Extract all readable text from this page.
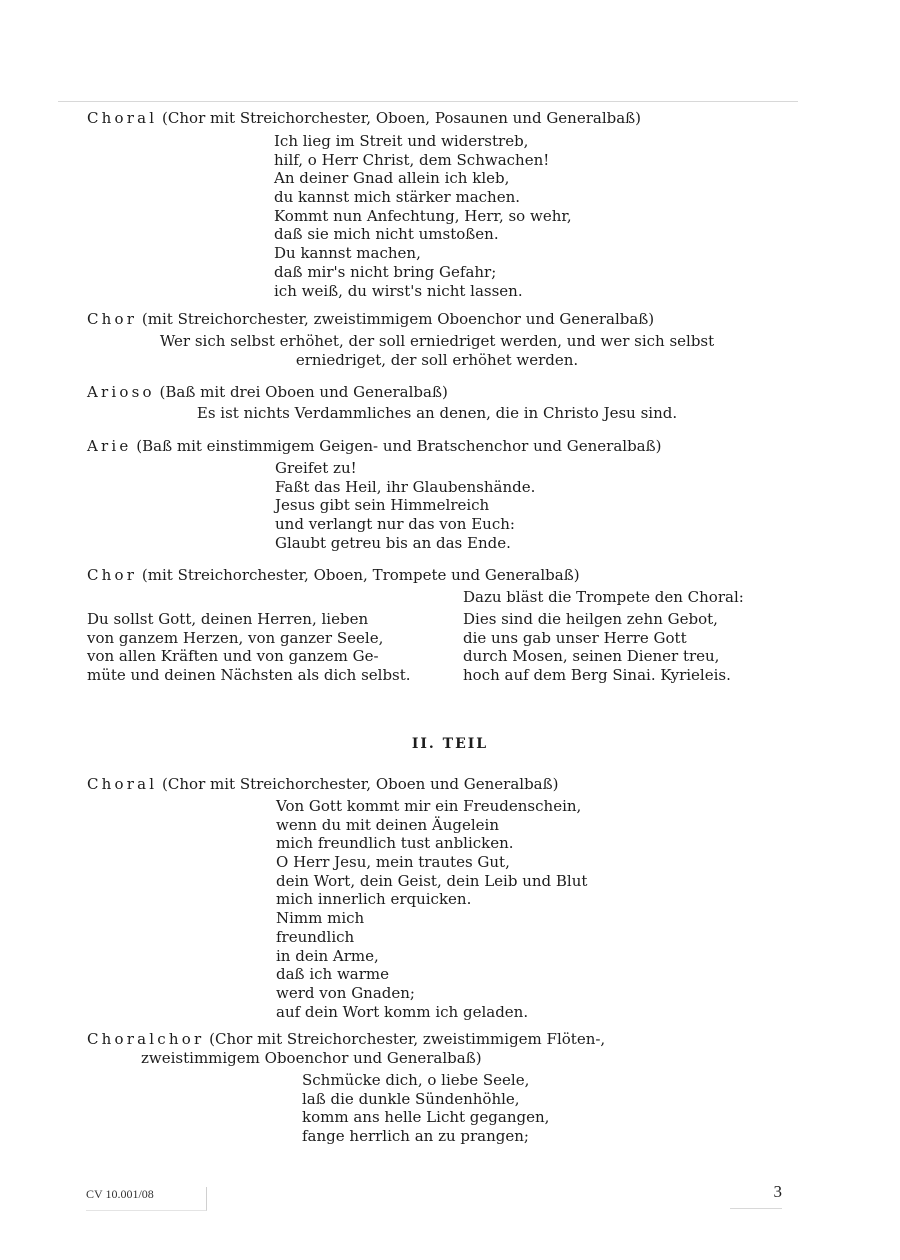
Choral (Chor mit Streichorchester, Oboen, Posaunen und Generalbaß)
Ich lieg im Streit und widerstreb,
hilf, o Herr Christ, dem Schwachen!
An deiner Gnad allein ich kleb,
du kannst mich stärker machen.
Kommt nun Anfechtung, Herr, so wehr,
daß sie mich nicht umstoßen.
Du kannst machen,
daß mir's nicht bring Gefahr;
ich weiß, du wirst's nicht lassen.
Chor (mit Streichorchester, zweistimmigem Oboenchor und Generalbaß)
Wer sich selbst erhöhet, der soll erniedriget werden, und wer sich selbst
erniedriget, der soll erhöhet werden.
Arioso (Baß mit drei Oboen und Generalbaß)
Es ist nichts Verdammliches an denen, die in Christo Jesu sind.
Arie (Baß mit einstimmigem Geigen- und Bratschenchor und Generalbaß)
Greifet zu!
Faßt das Heil, ihr Glaubenshände.
Jesus gibt sein Himmelreich
und verlangt nur das von Euch:
Glaubt getreu bis an das Ende.
Chor (mit Streichorchester, Oboen, Trompete und Generalbaß)
Dazu bläst die Trompete den Choral:
Du sollst Gott, deinen Herren, lieben
von ganzem Herzen, von ganzer Seele,
von allen Kräften und von ganzem Ge-
müte und deinen Nächsten als dich selbst.
Dies sind die heilgen zehn Gebot,
die uns gab unser Herre Gott
durch Mosen, seinen Diener treu,
hoch auf dem Berg Sinai. Kyrieleis.
II. TEIL
Choral (Chor mit Streichorchester, Oboen und Generalbaß)
Von Gott kommt mir ein Freudenschein,
wenn du mit deinen Äugelein
mich freundlich tust anblicken.
O Herr Jesu, mein trautes Gut,
dein Wort, dein Geist, dein Leib und Blut
mich innerlich erquicken.
Nimm mich
freundlich
in dein Arme,
daß ich warme
werd von Gnaden;
auf dein Wort komm ich geladen.
Choralchor (Chor mit Streichorchester, zweistimmigem Flöten-,
zweistimmigem Oboenchor und Generalbaß)
Schmücke dich, o liebe Seele,
laß die dunkle Sündenhöhle,
komm ans helle Licht gegangen,
fange herrlich an zu prangen;
CV 10.001/08	3
